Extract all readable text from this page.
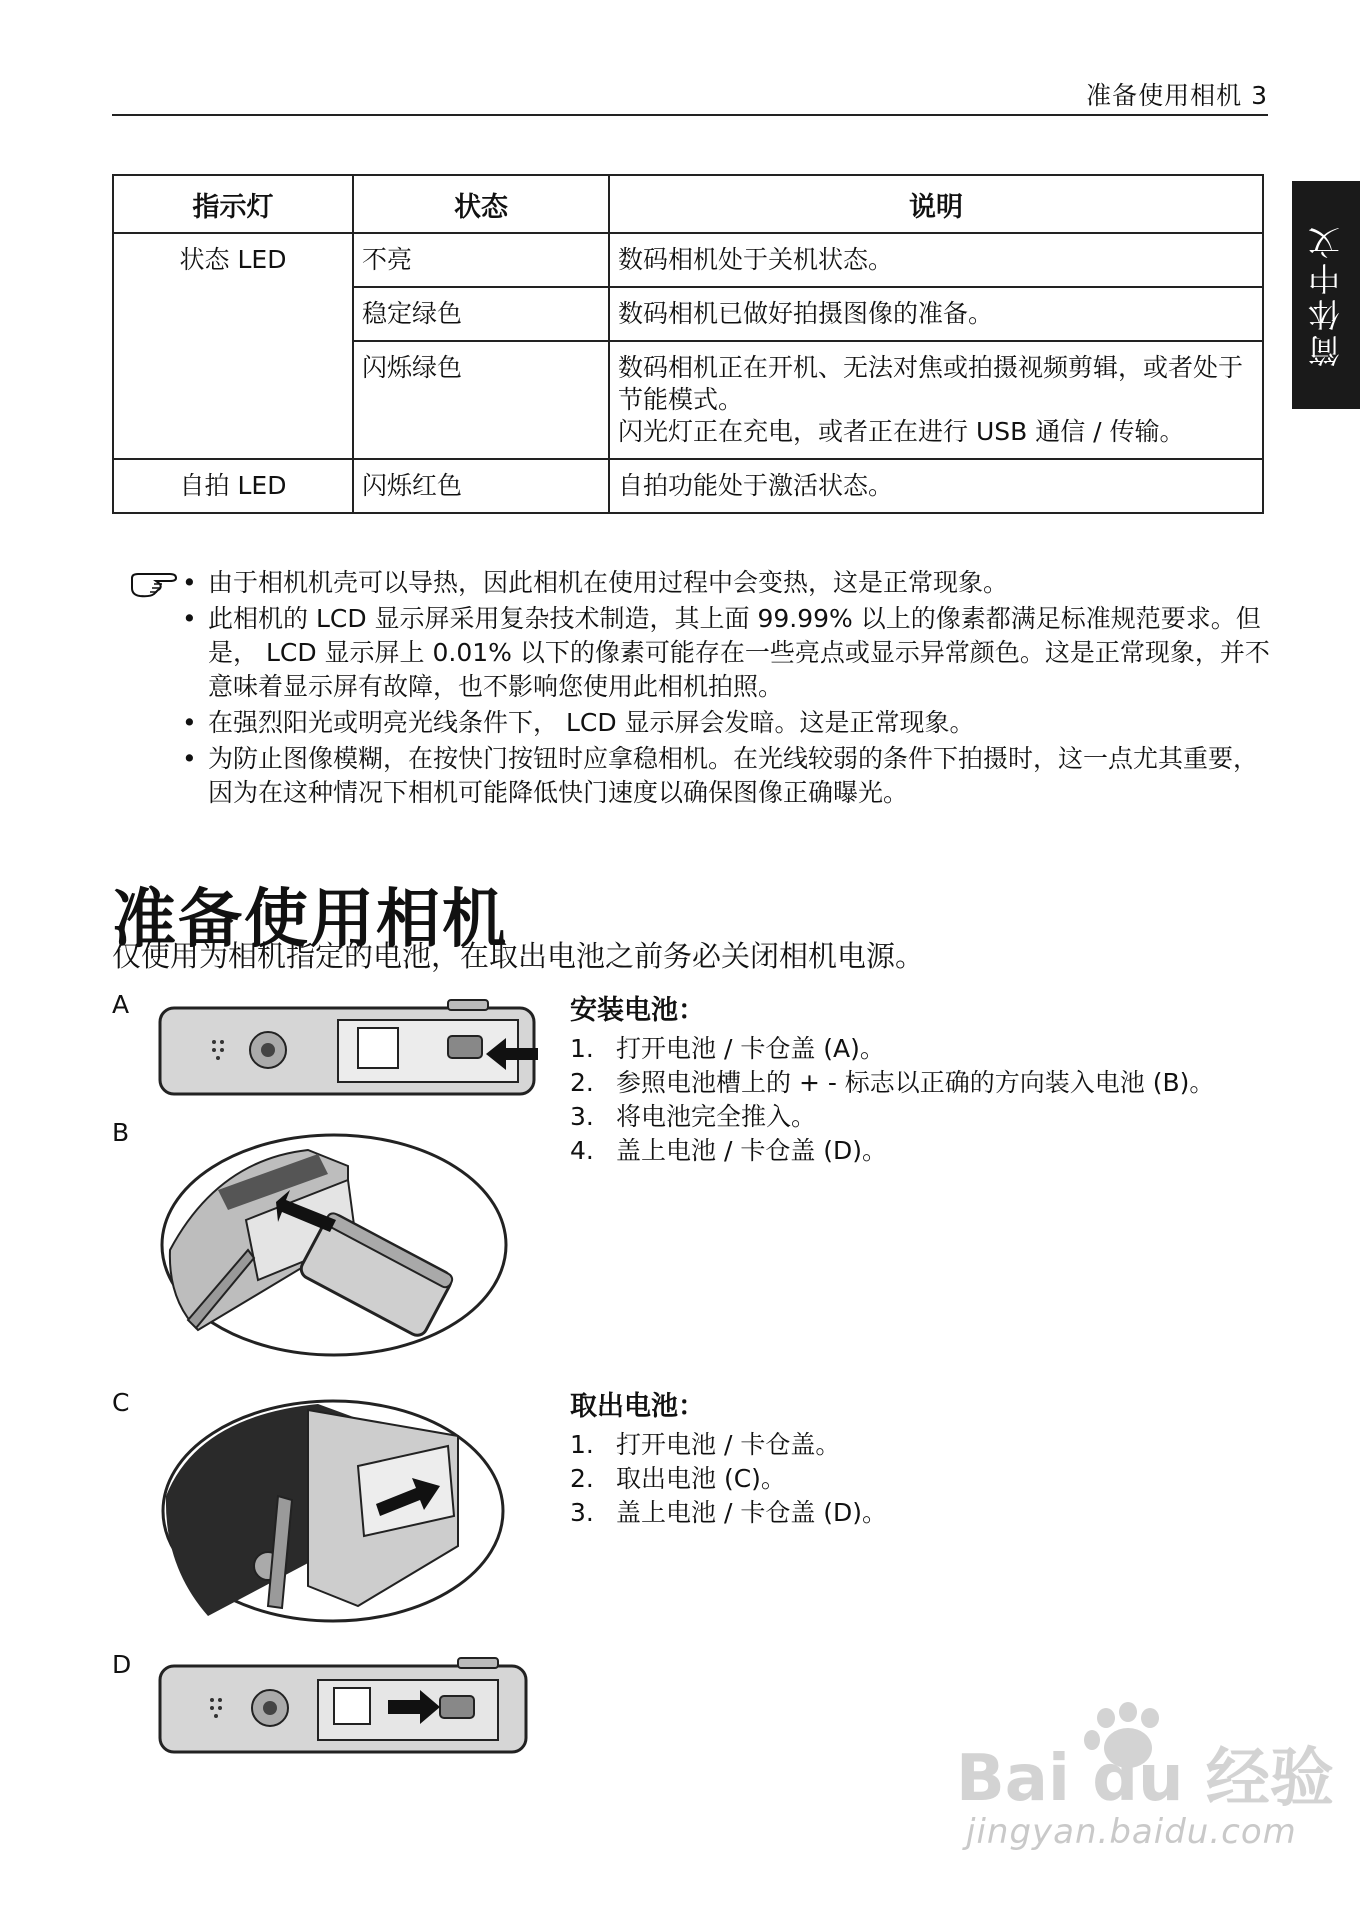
准备使用相机 3
简体中文
指示灯	状态	说明
状态 LED	不亮	数码相机处于关机状态。
	稳定绿色	数码相机已做好拍摄图像的准备。
	闪烁绿色	数码相机正在开机、无法对焦或拍摄视频剪辑，或者处于节能模式。
闪光灯正在充电，或者正在进行 USB 通信 / 传输。

自拍 LED	闪烁红色	自拍功能处于激活状态。
• 由于相机机壳可以导热，因此相机在使用过程中会变热，这是正常现象。
• 此相机的 LCD 显示屏采用复杂技术制造，其上面 99.99% 以上的像素都满足标准规范要求。但是， LCD 显示屏上 0.01% 以下的像素可能存在一些亮点或显示异常颜色。这是正常现象，并不意味着显示屏有故障，也不影响您使用此相机拍照。
• 在强烈阳光或明亮光线条件下， LCD 显示屏会发暗。这是正常现象。
• 为防止图像模糊，在按快门按钮时应拿稳相机。在光线较弱的条件下拍摄时，这一点尤其重要，因为在这种情况下相机可能降低快门速度以确保图像正确曝光。
准备使用相机
仅使用为相机指定的电池，在取出电池之前务必关闭相机电源。
A
B
C
D
安装电池：
1. 打开电池 / 卡仓盖 (A)。
2. 参照电池槽上的 + - 标志以正确的方向装入电池 (B)。
3. 将电池完全推入。
4. 盖上电池 / 卡仓盖 (D)。
取出电池：
1. 打开电池 / 卡仓盖。
2. 取出电池 (C)。
3. 盖上电池 / 卡仓盖 (D)。
Bai du 经验
jingyan.baidu.com
